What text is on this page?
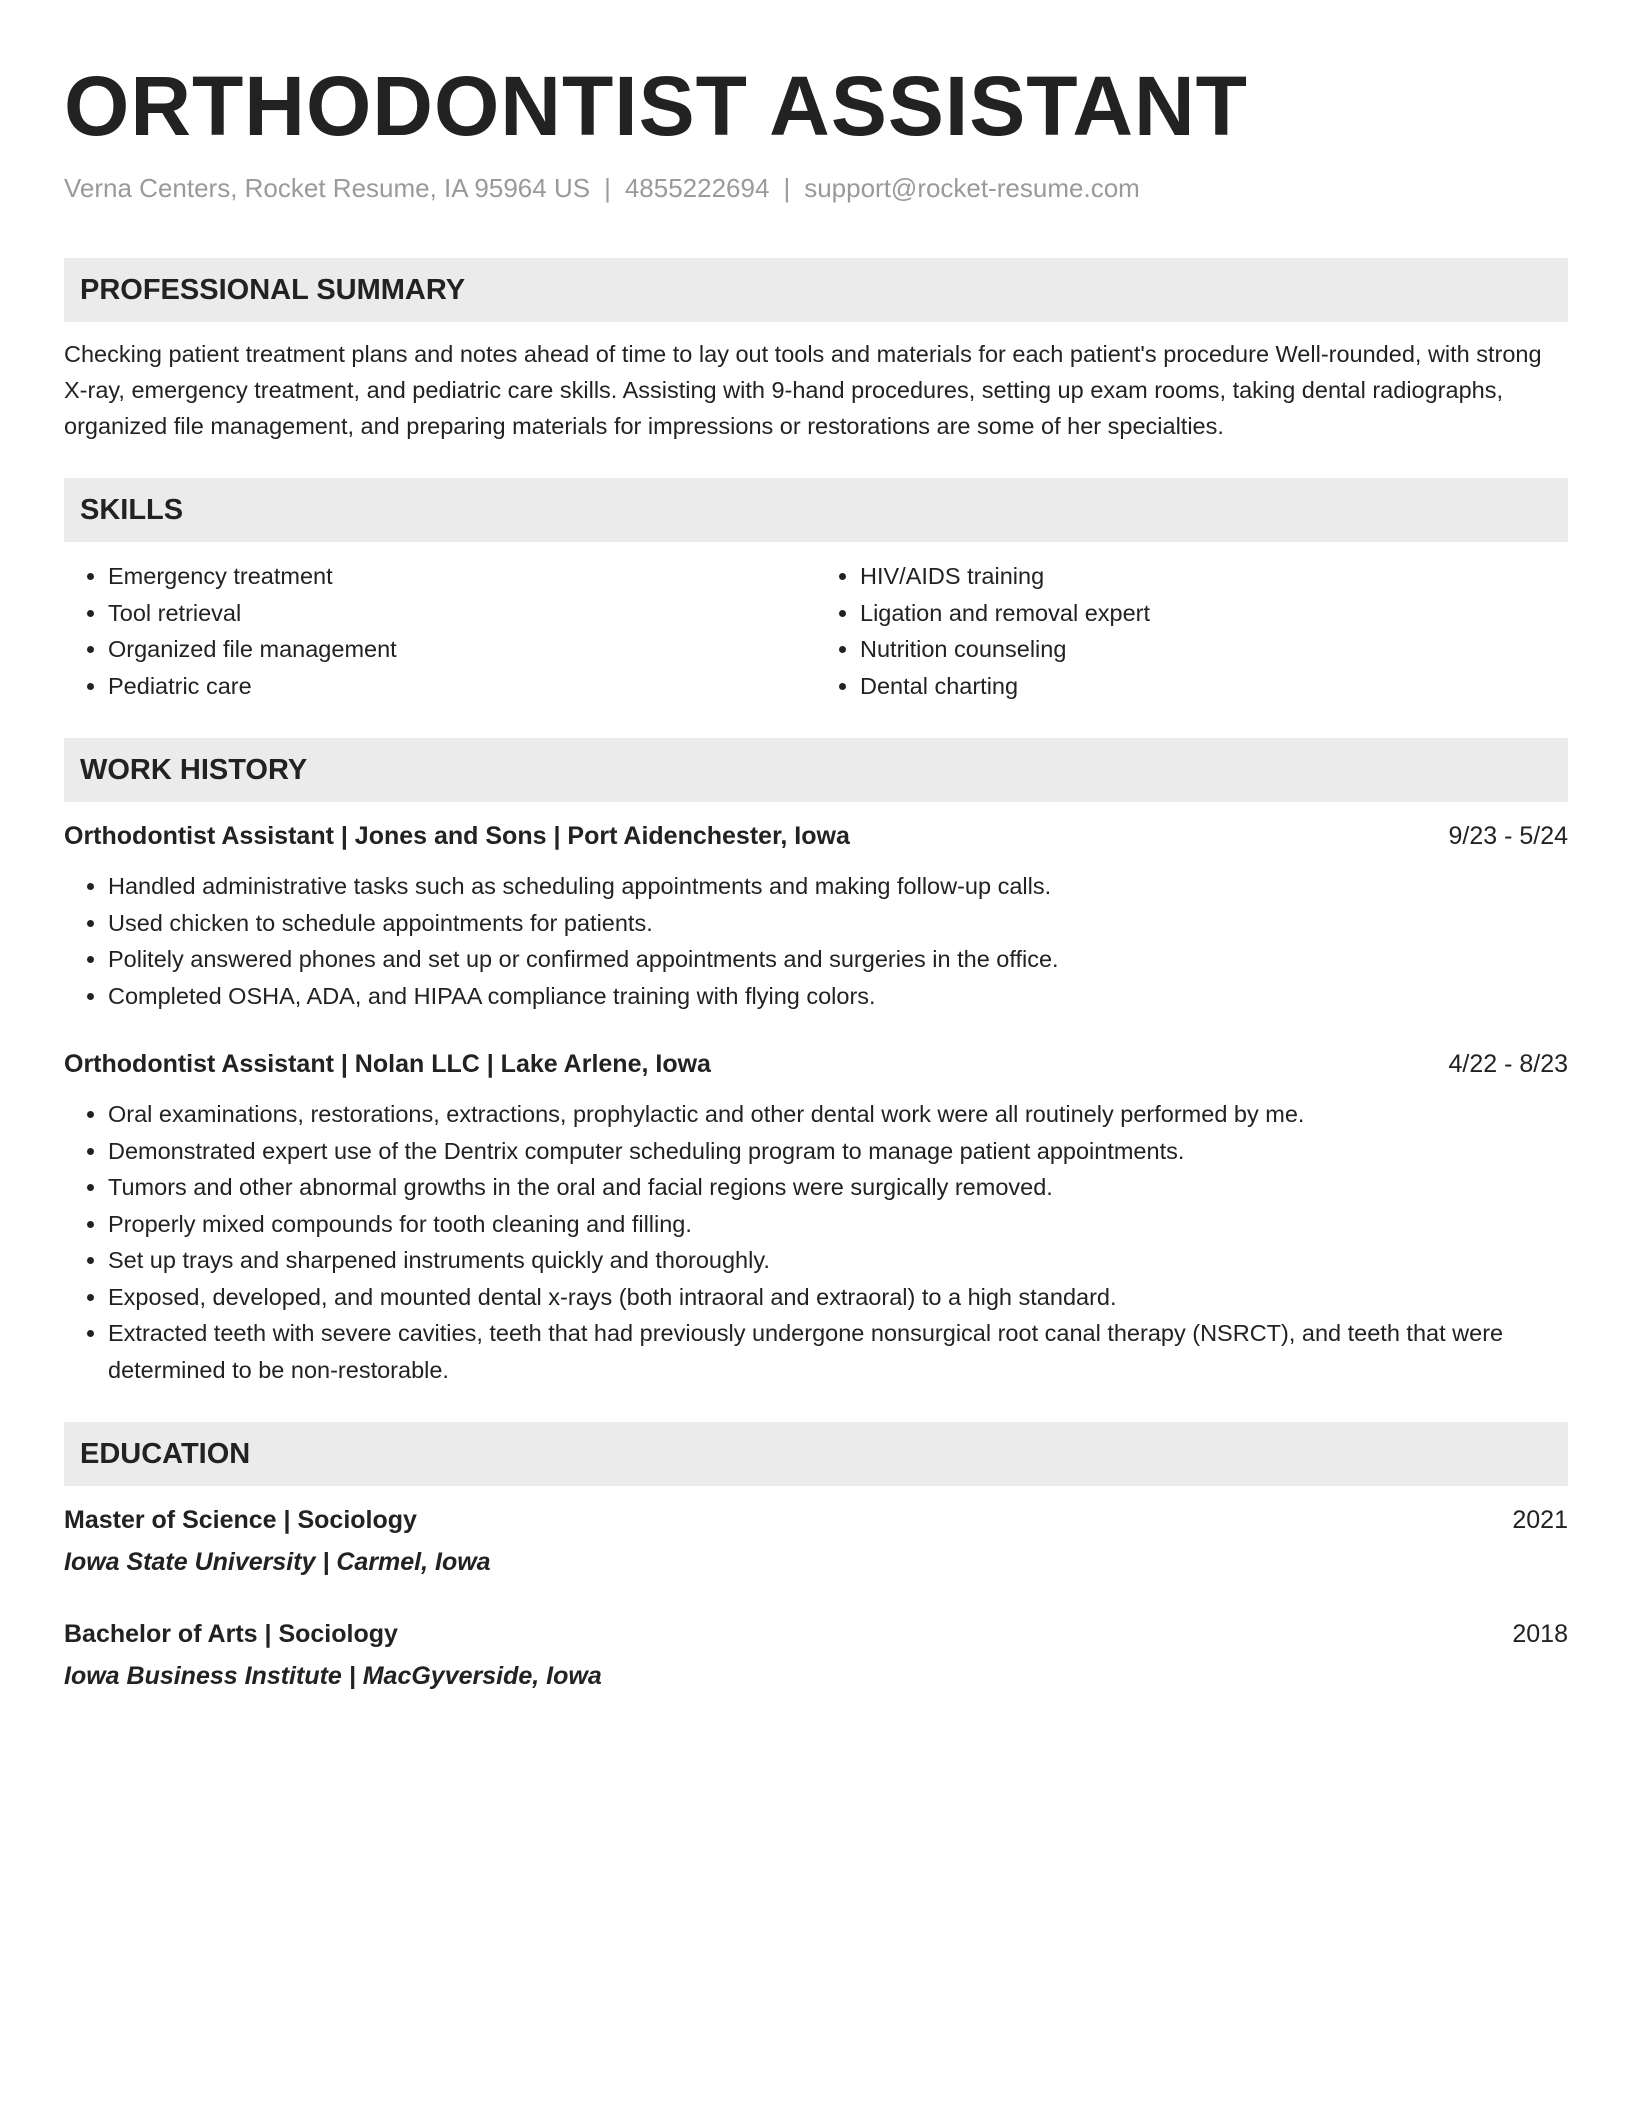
ORTHODONTIST ASSISTANT
Verna Centers, Rocket Resume, IA 95964 US | 4855222694 | support@rocket-resume.com
PROFESSIONAL SUMMARY
Checking patient treatment plans and notes ahead of time to lay out tools and materials for each patient's procedure Well-rounded, with strong X-ray, emergency treatment, and pediatric care skills. Assisting with 9-hand procedures, setting up exam rooms, taking dental radiographs, organized file management, and preparing materials for impressions or restorations are some of her specialties.
SKILLS
• Emergency treatment
• Tool retrieval
• Organized file management
• Pediatric care
• HIV/AIDS training
• Ligation and removal expert
• Nutrition counseling
• Dental charting
WORK HISTORY
Orthodontist Assistant | Jones and Sons | Port Aidenchester, Iowa	9/23 - 5/24
• Handled administrative tasks such as scheduling appointments and making follow-up calls.
• Used chicken to schedule appointments for patients.
• Politely answered phones and set up or confirmed appointments and surgeries in the office.
• Completed OSHA, ADA, and HIPAA compliance training with flying colors.
Orthodontist Assistant | Nolan LLC | Lake Arlene, Iowa	4/22 - 8/23
• Oral examinations, restorations, extractions, prophylactic and other dental work were all routinely performed by me.
• Demonstrated expert use of the Dentrix computer scheduling program to manage patient appointments.
• Tumors and other abnormal growths in the oral and facial regions were surgically removed.
• Properly mixed compounds for tooth cleaning and filling.
• Set up trays and sharpened instruments quickly and thoroughly.
• Exposed, developed, and mounted dental x-rays (both intraoral and extraoral) to a high standard.
• Extracted teeth with severe cavities, teeth that had previously undergone nonsurgical root canal therapy (NSRCT), and teeth that were determined to be non-restorable.
EDUCATION
Master of Science | Sociology	2021
Iowa State University | Carmel, Iowa
Bachelor of Arts | Sociology	2018
Iowa Business Institute | MacGyverside, Iowa
